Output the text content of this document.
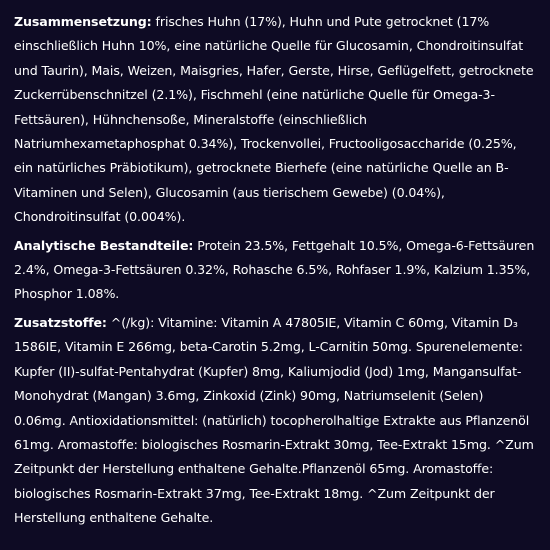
Zusammensetzung: frisches Huhn (17%), Huhn und Pute getrocknet (17% einschließlich Huhn 10%, eine natürliche Quelle für Glucosamin, Chondroitinsulfat und Taurin), Mais, Weizen, Maisgries, Hafer, Gerste, Hirse, Geflügelfett, getrocknete Zuckerrübenschnitzel (2.1%), Fischmehl (eine natürliche Quelle für Omega-3-Fettsäuren), Hühnchensoße, Mineralstoffe (einschließlich Natriumhexametaphosphat 0.34%), Trockenvollei, Fructooligosaccharide (0.25%, ein natürliches Präbiotikum), getrocknete Bierhefe (eine natürliche Quelle an B-Vitaminen und Selen), Glucosamin (aus tierischem Gewebe) (0.04%), Chondroitinsulfat (0.004%).

Analytische Bestandteile: Protein 23.5%, Fettgehalt 10.5%, Omega-6-Fettsäuren 2.4%, Omega-3-Fettsäuren 0.32%, Rohasche 6.5%, Rohfaser 1.9%, Kalzium 1.35%, Phosphor 1.08%.

Zusatzstoffe: ^(/kg): Vitamine: Vitamin A 47805IE, Vitamin C 60mg, Vitamin D₃ 1586IE, Vitamin E 266mg, beta-Carotin 5.2mg, L-Carnitin 50mg. Spurenelemente: Kupfer (II)-sulfat-Pentahydrat (Kupfer) 8mg, Kaliumjodid (Jod) 1mg, Mangansulfat-Monohydrat (Mangan) 3.6mg, Zinkoxid (Zink) 90mg, Natriumselenit (Selen) 0.06mg. Antioxidationsmittel: (natürlich) tocopherolhaltige Extrakte aus Pflanzenöl 61mg. Aromastoffe: biologisches Rosmarin-Extrakt 30mg, Tee-Extrakt 15mg. ^Zum Zeitpunkt der Herstellung enthaltene Gehalte.Pflanzenöl 65mg. Aromastoffe: biologisches Rosmarin-Extrakt 37mg, Tee-Extrakt 18mg. ^Zum Zeitpunkt der Herstellung enthaltene Gehalte.
